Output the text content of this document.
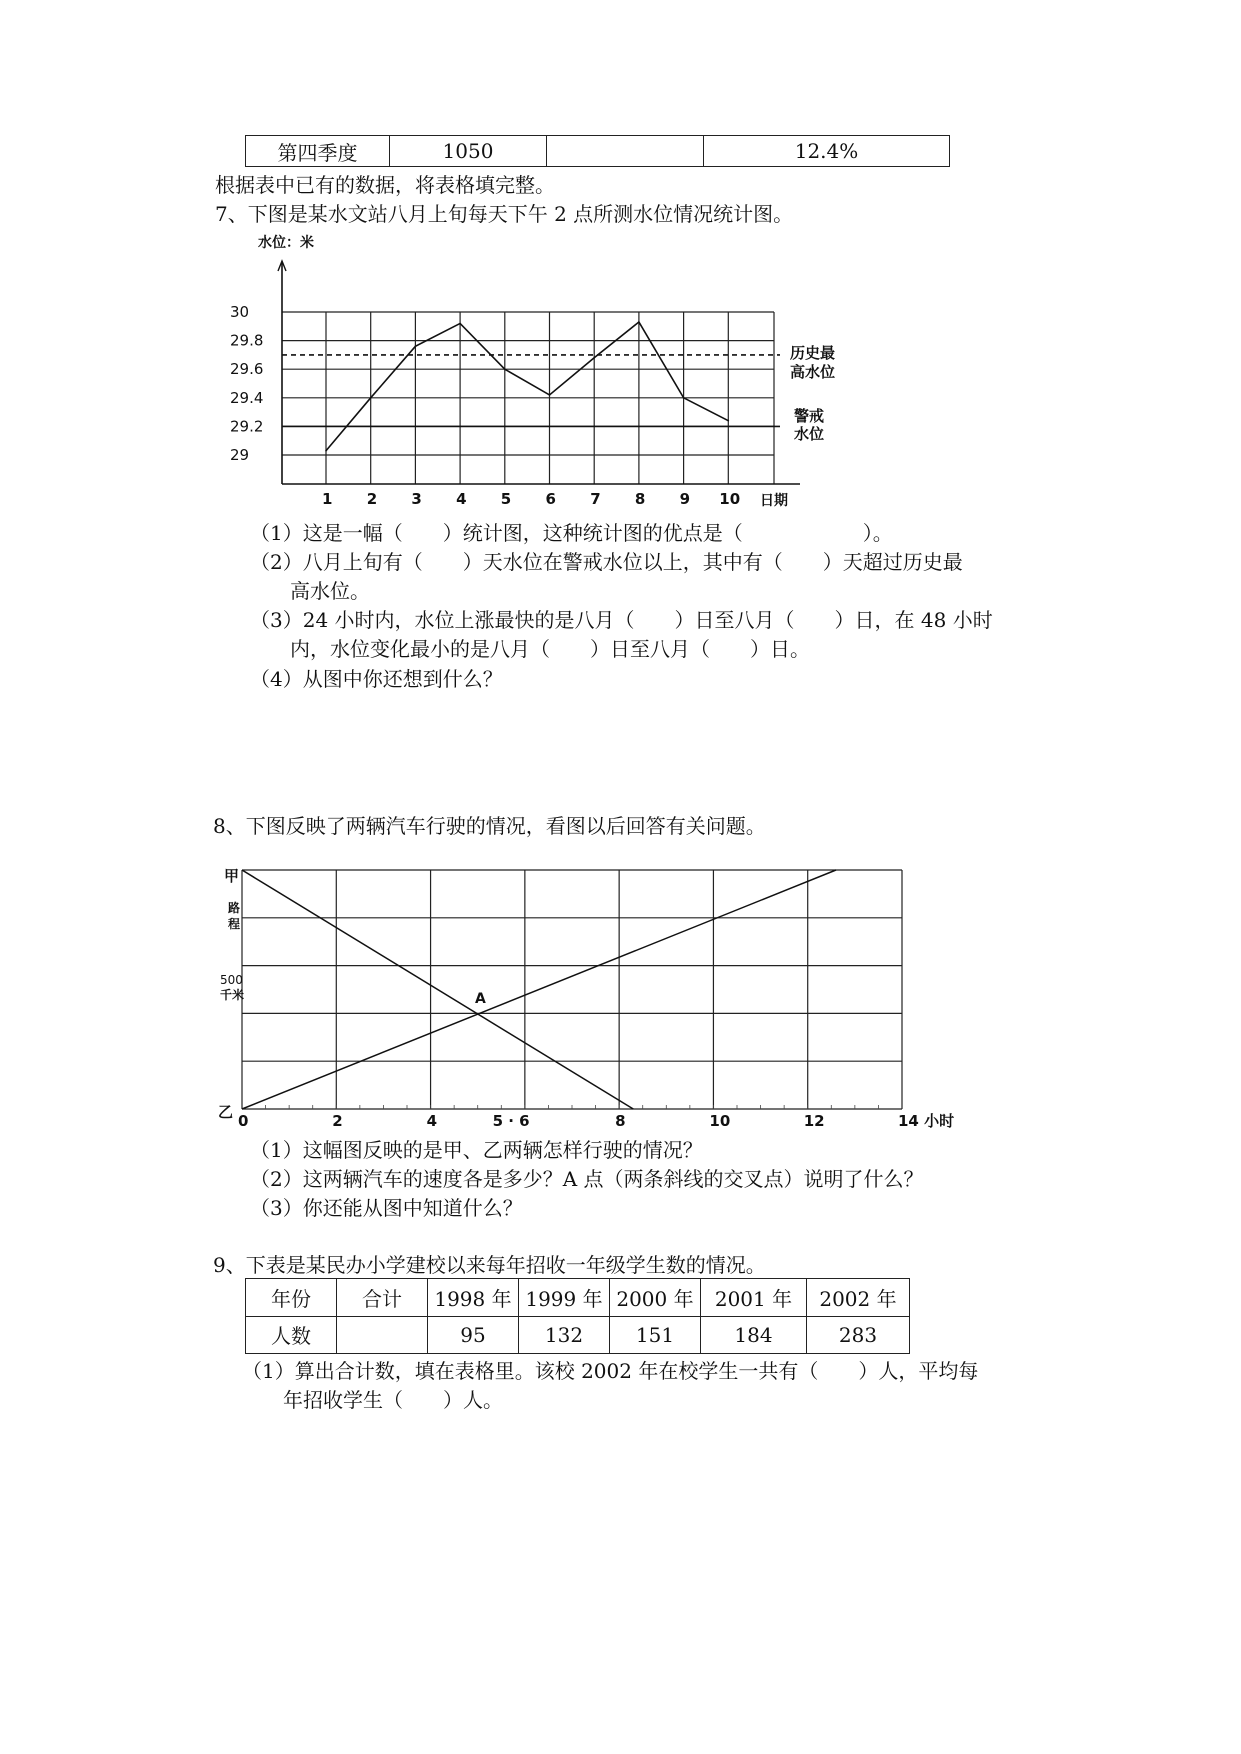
第四季度	1050		12.4%
根据表中已有的数据，将表格填完整。
7、下图是某水文站八月上旬每天下午 2 点所测水位情况统计图。
水位：米
29
29.2
29.4
29.6
29.8
30
1 2 3 4 5 6 7 8 9 10 日期
历史最
高水位
警戒
水位
（1）这是一幅（　　）统计图，这种统计图的优点是（　　　　　　）。
（2）八月上旬有（　　）天水位在警戒水位以上，其中有（　　）天超过历史最
高水位。
（3）24 小时内，水位上涨最快的是八月（　　）日至八月（　　）日，在 48 小时
内，水位变化最小的是八月（　　）日至八月（　　）日。
（4）从图中你还想到什么？
8、下图反映了两辆汽车行驶的情况，看图以后回答有关问题。
0	2	4	5 · 6	8	10	12	14 小时
甲
路
程
500
千米
乙
A
（1）这幅图反映的是甲、乙两辆怎样行驶的情况？
（2）这两辆汽车的速度各是多少？A 点（两条斜线的交叉点）说明了什么？
（3）你还能从图中知道什么？
9、下表是某民办小学建校以来每年招收一年级学生数的情况。
年份	合计	1998 年	1999 年	2000 年	2001 年	2002 年
人数		95	132	151	184	283
（1）算出合计数，填在表格里。该校 2002 年在校学生一共有（　　）人，平均每
年招收学生（　　）人。
